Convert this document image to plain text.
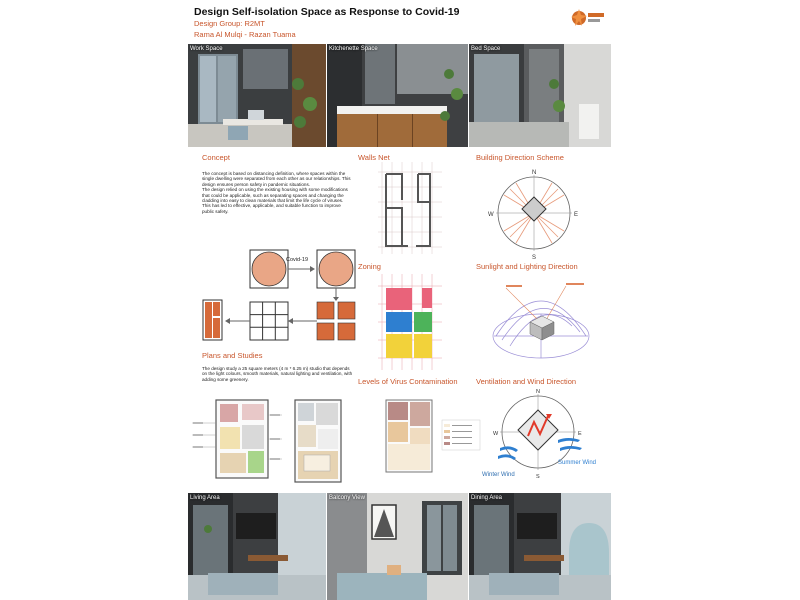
Design Self-isolation Space as Response to Covid-19
Design Group: R2MT
Rama Al Mulqi - Razan Tuama
Work Space	Kitchenette Space	Bed Space
Concept

The concept is based on distancing definition, where spaces within the single dwelling were separated from each other as our relationships. This design ensures person safety in pandemic situations.

The design relied on using the existing housing with some modifications that could be applicable, such as separating spaces and changing the cladding into easy to clean materials that limit the life cycle of viruses.

This has led to effective, applicable, and suitable function to improve public safety.

Covid-19
Plans and Studies
The design study a 25 square meters (4 m * 6.25 m) studio that depends on the light colours, smooth materials, natural lighting and ventilation, with adding some greenery.
Walls Net
Zoning
Levels of Virus Contamination
Building Direction Scheme
N
S
E
W
Sunlight and Lighting Direction
Ventilation and Wind Direction
N
S
E
W
Winter Wind
Summer Wind
Living Area	Balcony View	Dining Area
